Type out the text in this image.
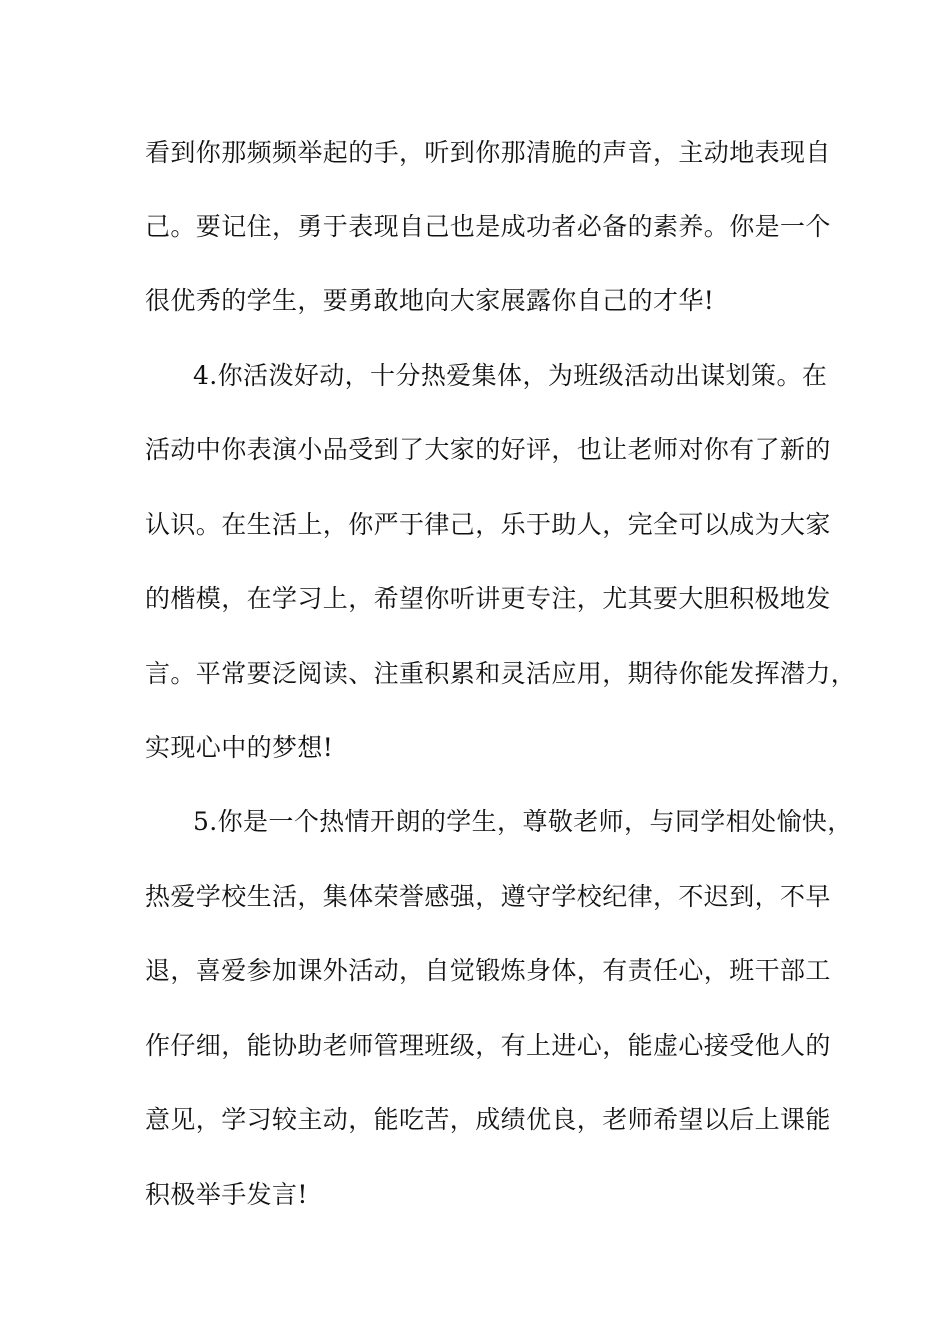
看到你那频频举起的手，听到你那清脆的声音，主动地表现自
己。要记住，勇于表现自己也是成功者必备的素养。你是一个
很优秀的学生，要勇敢地向大家展露你自己的才华!
4.你活泼好动，十分热爱集体，为班级活动出谋划策。在
活动中你表演小品受到了大家的好评，也让老师对你有了新的
认识。在生活上，你严于律己，乐于助人，完全可以成为大家
的楷模，在学习上，希望你听讲更专注，尤其要大胆积极地发
言。平常要泛阅读、注重积累和灵活应用，期待你能发挥潜力，
实现心中的梦想!
5.你是一个热情开朗的学生，尊敬老师，与同学相处愉快，
热爱学校生活，集体荣誉感强，遵守学校纪律，不迟到，不早
退，喜爱参加课外活动，自觉锻炼身体，有责任心，班干部工
作仔细，能协助老师管理班级，有上进心，能虚心接受他人的
意见，学习较主动，能吃苦，成绩优良，老师希望以后上课能
积极举手发言!
